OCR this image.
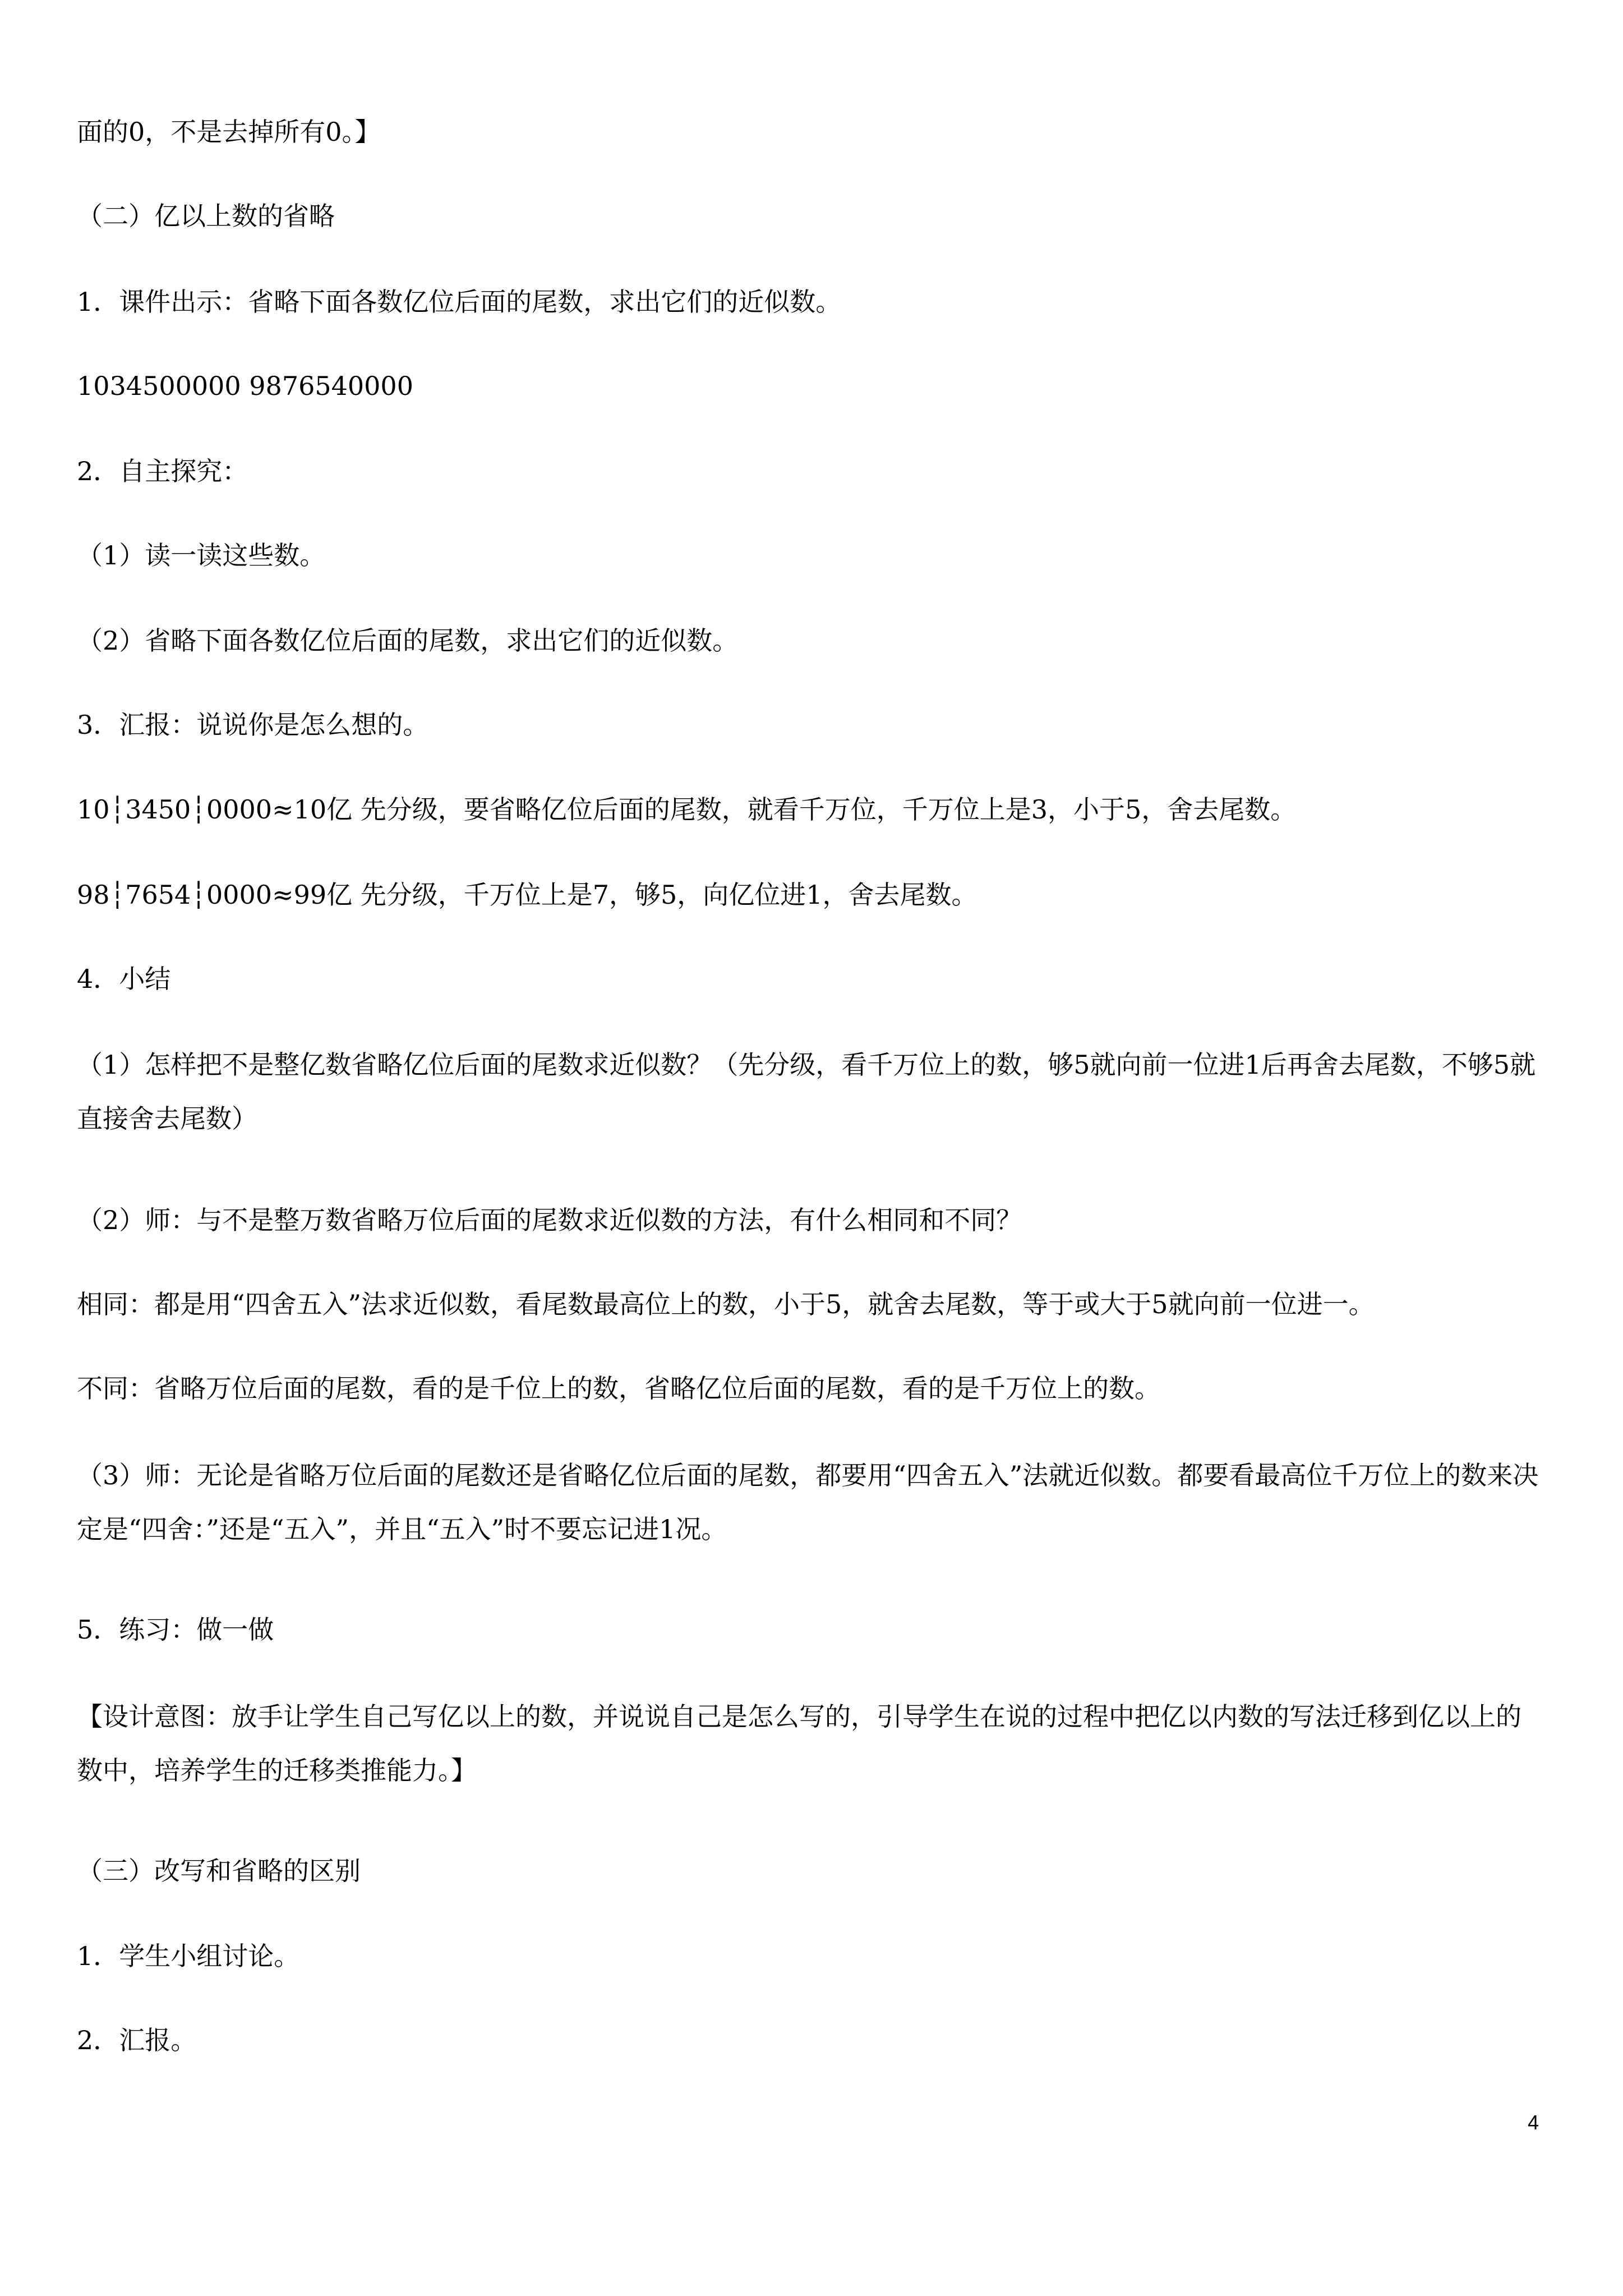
面的0，不是去掉所有0。】
（二）亿以上数的省略
1．课件出示：省略下面各数亿位后面的尾数，求出它们的近似数。
1034500000 9876540000
2．自主探究：
（1）读一读这些数。
（2）省略下面各数亿位后面的尾数，求出它们的近似数。
3．汇报：说说你是怎么想的。
10┆3450┆0000≈10亿 先分级，要省略亿位后面的尾数，就看千万位，千万位上是3，小于5，舍去尾数。
98┆7654┆0000≈99亿 先分级，千万位上是7，够5，向亿位进1，舍去尾数。
4．小结
（1）怎样把不是整亿数省略亿位后面的尾数求近似数？（先分级，看千万位上的数，够5就向前一位进1后再舍去尾数，不够5就直接舍去尾数）
（2）师：与不是整万数省略万位后面的尾数求近似数的方法，有什么相同和不同？
相同：都是用“四舍五入”法求近似数，看尾数最高位上的数，小于5，就舍去尾数，等于或大于5就向前一位进一。
不同：省略万位后面的尾数，看的是千位上的数，省略亿位后面的尾数，看的是千万位上的数。
（3）师：无论是省略万位后面的尾数还是省略亿位后面的尾数，都要用“四舍五入”法就近似数。都要看最高位千万位上的数来决定是“四舍：”还是“五入”，并且“五入”时不要忘记进1况。
5．练习：做一做
【设计意图：放手让学生自己写亿以上的数，并说说自己是怎么写的，引导学生在说的过程中把亿以内数的写法迁移到亿以上的数中，培养学生的迁移类推能力。】
（三）改写和省略的区别
1．学生小组讨论。
2．汇报。
4
